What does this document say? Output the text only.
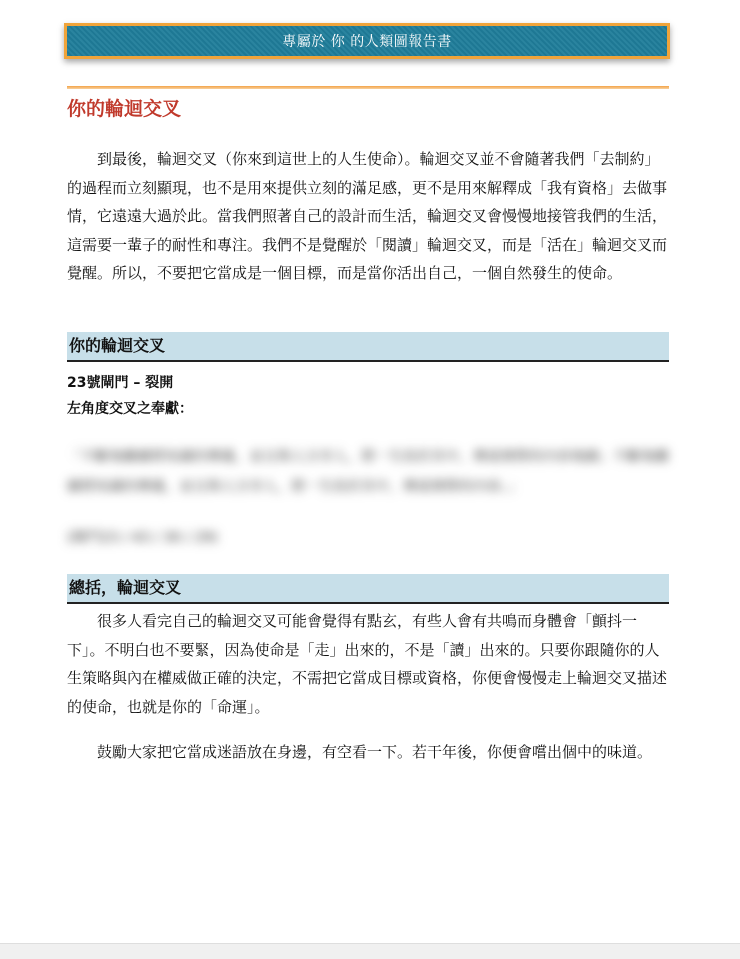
專屬於 你 的人類圖報告書
你的輪迴交叉

到最後，輪迴交叉（你來到這世上的人生使命）。輪迴交叉並不會隨著我們「去制約」的過程而立刻顯現，也不是用來提供立刻的滿足感，更不是用來解釋成「我有資格」去做事情，它遠遠大過於此。當我們照著自己的設計而生活，輪迴交叉會慢慢地接管我們的生活，這需要一輩子的耐性和專注。我們不是覺醒於「閱讀」輪迴交叉，而是「活在」輪迴交叉而覺醒。所以，不要把它當成是一個目標，而是當你活出自己，一個自然發生的使命。

你的輪迴交叉
23號閘門 – 裂開
左角度交叉之奉獻：
「不斷地繼續將知識的傳遞，並且與人分享人，將一生投於其中，傳達實際的內容地圖」不斷地繼續將知識的傳遞，並且與人分享人，將一生投於其中，傳達實際的內容。」
(閘門23 / 43 / 30 / 29)
總括，輪迴交叉

很多人看完自己的輪迴交叉可能會覺得有點玄，有些人會有共鳴而身體會「顫抖一下」。不明白也不要緊，因為使命是「走」出來的，不是「讀」出來的。只要你跟隨你的人生策略與內在權威做正確的決定，不需把它當成目標或資格，你便會慢慢走上輪迴交叉描述的使命，也就是你的「命運」。

鼓勵大家把它當成迷語放在身邊，有空看一下。若干年後，你便會嚐出個中的味道。
